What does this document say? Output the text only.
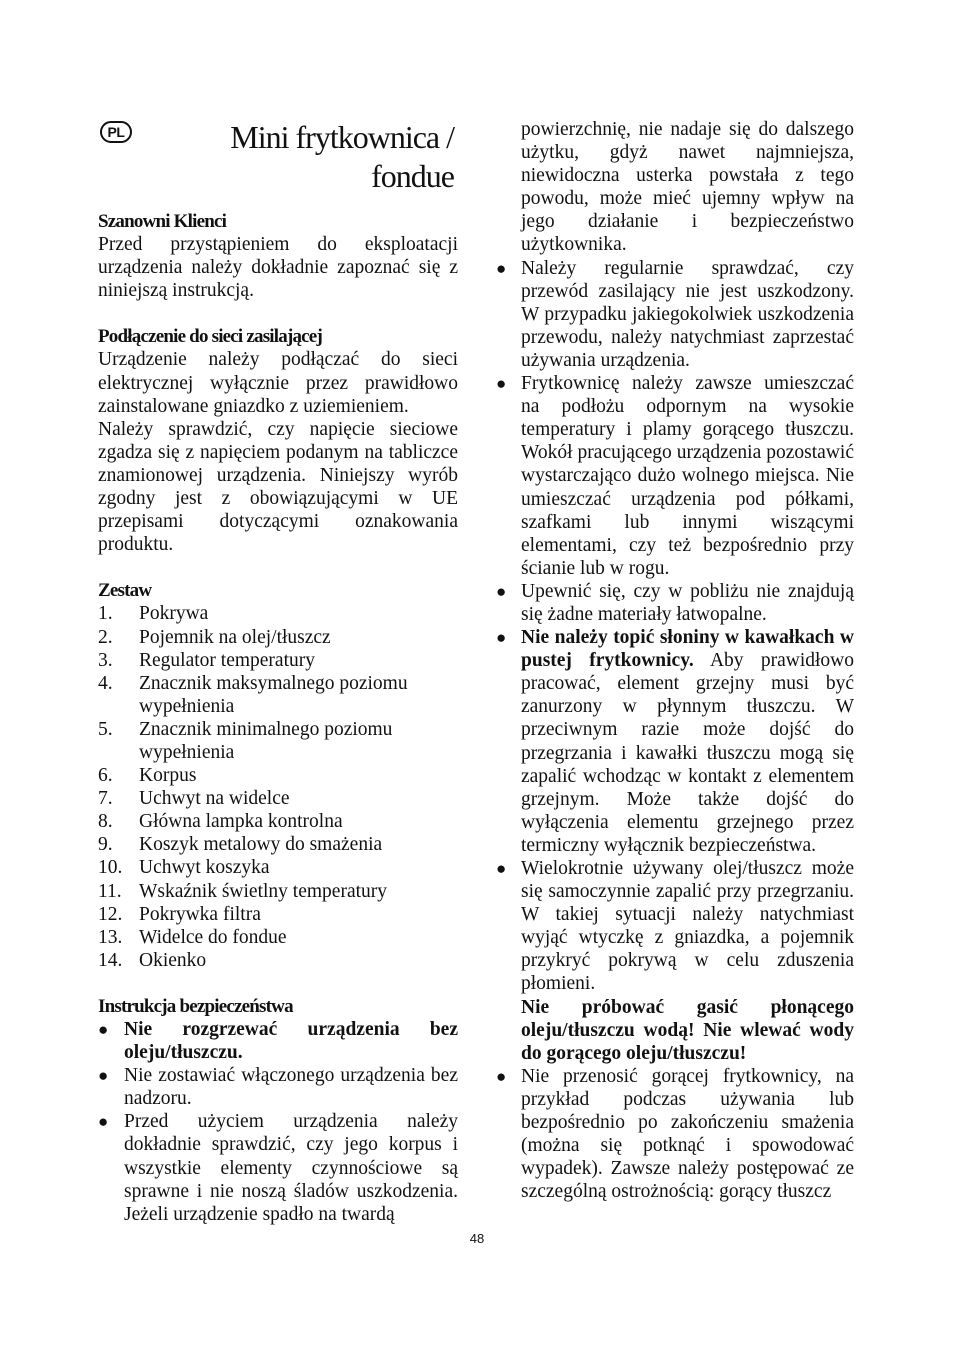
PL	Mini frytkownica /
fondue
Szanowni Klienci

Przed przystąpieniem do eksploatacji urządzenia należy dokładnie zapoznać się z niniejszą instrukcją.

Podłączenie do sieci zasilającej

Urządzenie należy podłączać do sieci elektrycznej wyłącznie przez prawidłowo zainstalowane gniazdko z uziemieniem.

Należy sprawdzić, czy napięcie sieciowe zgadza się z napięciem podanym na tabliczce znamionowej urządzenia. Niniejszy wyrób zgodny jest z obowiązującymi w UE przepisami dotyczącymi oznakowania produktu.

Zestaw
1.	Pokrywa
2.	Pojemnik na olej/tłuszcz
3.	Regulator temperatury
4.	Znacznik maksymalnego poziomu wypełnienia
5.	Znacznik minimalnego poziomu wypełnienia
6.	Korpus
7.	Uchwyt na widelce
8.	Główna lampka kontrolna
9.	Koszyk metalowy do smażenia
10. Uchwyt koszyka
11. Wskaźnik świetlny temperatury
12. Pokrywka filtra
13. Widelce do fondue
14. Okienko
Instrukcja bezpieczeństwa
● Nie rozgrzewać urządzenia bez oleju/tłuszczu.
● Nie zostawiać włączonego urządzenia bez nadzoru.
● Przed użyciem urządzenia należy dokładnie sprawdzić, czy jego korpus i wszystkie elementy czynnościowe są sprawne i nie noszą śladów uszkodzenia. Jeżeli urządzenie spadło na twardą

powierzchnię, nie nadaje się do dalszego użytku, gdyż nawet najmniejsza, niewidoczna usterka powstała z tego powodu, może mieć ujemny wpływ na jego działanie i bezpieczeństwo użytkownika.

● Należy regularnie sprawdzać, czy przewód zasilający nie jest uszkodzony. W przypadku jakiegokolwiek uszkodzenia przewodu, należy natychmiast zaprzestać używania urządzenia.
● Frytkownicę należy zawsze umieszczać na podłożu odpornym na wysokie temperatury i plamy gorącego tłuszczu. Wokół pracującego urządzenia pozostawić wystarczająco dużo wolnego miejsca. Nie umieszczać urządzenia pod półkami, szafkami lub innymi wiszącymi elementami, czy też bezpośrednio przy ścianie lub w rogu.
● Upewnić się, czy w pobliżu nie znajdują się żadne materiały łatwopalne.
● Nie należy topić słoniny w kawałkach w pustej frytkownicy. Aby prawidłowo pracować, element grzejny musi być zanurzony w płynnym tłuszczu. W przeciwnym razie może dojść do przegrzania i kawałki tłuszczu mogą się zapalić wchodząc w kontakt z elementem grzejnym. Może także dojść do wyłączenia elementu grzejnego przez termiczny wyłącznik bezpieczeństwa.
● Wielokrotnie używany olej/tłuszcz może się samoczynnie zapalić przy przegrzaniu. W takiej sytuacji należy natychmiast wyjąć wtyczkę z gniazdka, a pojemnik przykryć pokrywą w celu zduszenia płomieni.
Nie próbować gasić płonącego oleju/tłuszczu wodą! Nie wlewać wody do gorącego oleju/tłuszczu!
● Nie przenosić gorącej frytkownicy, na przykład podczas używania lub bezpośrednio po zakończeniu smażenia (można się potknąć i spowodować wypadek). Zawsze należy postępować ze szczególną ostrożnością: gorący tłuszcz
48
